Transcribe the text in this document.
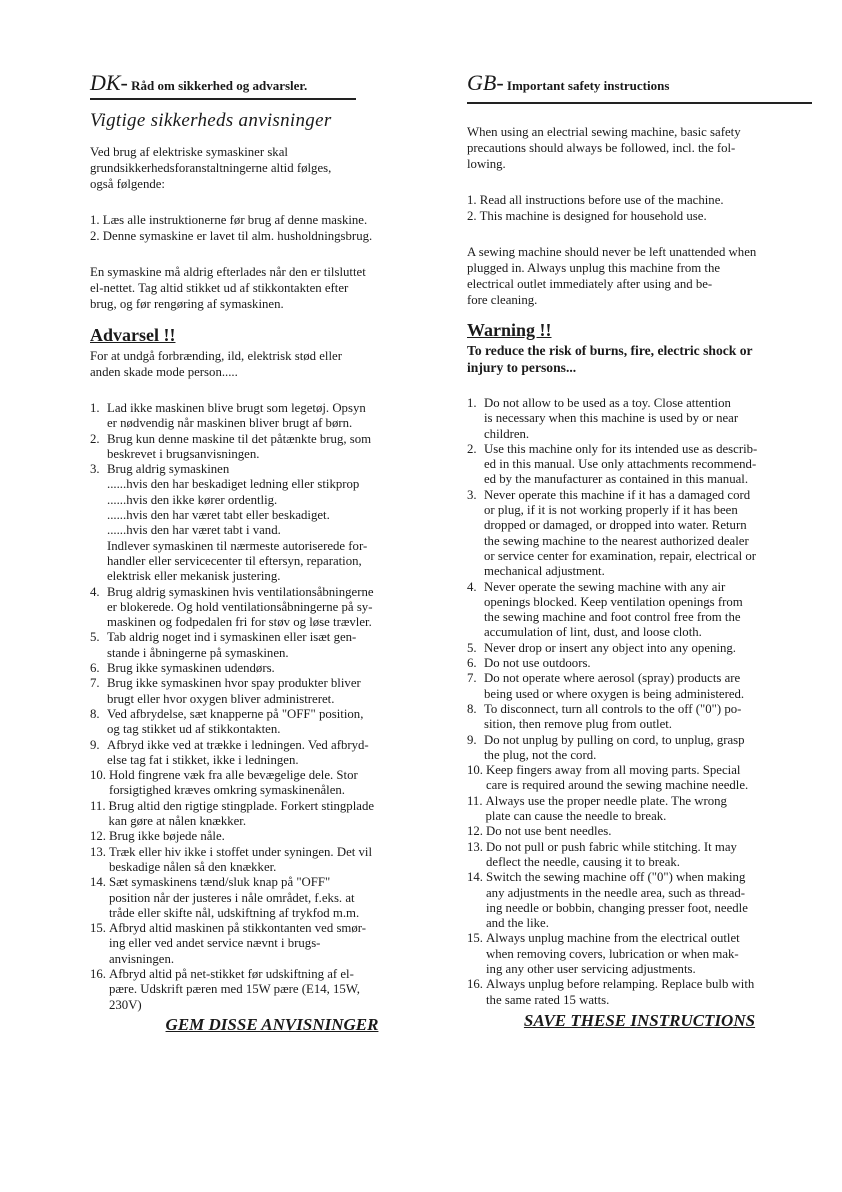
DK- Råd om sikkerhed og advarsler.
Vigtige sikkerheds anvisninger

Ved brug af elektriske symaskiner skal
grundsikkerhedsforanstaltningerne altid følges,
også følgende:

1. Læs alle instruktionerne før brug af denne maskine.
2. Denne symaskine er lavet til alm. husholdningsbrug.

En symaskine må aldrig efterlades når den er tilsluttet
el-nettet. Tag altid stikket ud af stikkontakten efter
brug, og før rengøring af symaskinen.

Advarsel !!

For at undgå forbrænding, ild, elektrisk stød eller
anden skade mode person.....

1. Lad ikke maskinen blive brugt som legetøj. Opsyn
er nødvendig når maskinen bliver brugt af børn.
2. Brug kun denne maskine til det påtænkte brug, som
beskrevet i brugsanvisningen.
3. Brug aldrig symaskinen
......hvis den har beskadiget ledning eller stikprop
......hvis den ikke kører ordentlig.
......hvis den har været tabt eller beskadiget.
......hvis den har været tabt i vand.
Indlever symaskinen til nærmeste autoriserede for-
handler eller servicecenter til eftersyn, reparation,
elektrisk eller mekanisk justering.
4. Brug aldrig symaskinen hvis ventilationsåbningerne
er blokerede. Og hold ventilationsåbningerne på sy-
maskinen og fodpedalen fri for støv og løse trævler.
5. Tab aldrig noget ind i symaskinen eller isæt gen-
stande i åbningerne på symaskinen.
6. Brug ikke symaskinen udendørs.
7. Brug ikke symaskinen hvor spay produkter bliver
brugt eller hvor oxygen bliver administreret.
8. Ved afbrydelse, sæt knapperne på "OFF" position,
og tag stikket ud af stikkontakten.
9. Afbryd ikke ved at trække i ledningen. Ved afbryd-
else tag fat i stikket, ikke i ledningen.
10. Hold fingrene væk fra alle bevægelige dele. Stor
forsigtighed kræves omkring symaskinenålen.
11. Brug altid den rigtige stingplade. Forkert stingplade
kan gøre at nålen knækker.
12. Brug ikke bøjede nåle.
13. Træk eller hiv ikke i stoffet under syningen. Det vil
beskadige nålen så den knækker.
14. Sæt symaskinens tænd/sluk knap på "OFF"
position når der justeres i nåle området, f.eks. at
tråde eller skifte nål, udskiftning af trykfod m.m.
15. Afbryd altid maskinen på stikkontanten ved smør-
ing eller ved andet service nævnt i brugs-
anvisningen.
16. Afbryd altid på net-stikket før udskiftning af el-
pære. Udskrift pæren med 15W pære (E14, 15W,
230V)

GEM DISSE ANVISNINGER

GB- Important safety instructions

When using an electrial sewing machine, basic safety
precautions should always be followed, incl. the fol-
lowing.

1. Read all instructions before use of the machine.
2. This machine is designed for household use.

A sewing machine should never be left unattended when
plugged in. Always unplug this machine from the
electrical outlet immediately after using and be-
fore cleaning.

Warning !!

To reduce the risk of burns, fire, electric shock or
injury to persons...

1. Do not allow to be used as a toy. Close attention
is necessary when this machine is used by or near
children.
2. Use this machine only for its intended use as describ-
ed in this manual. Use only attachments recommend-
ed by the manufacturer as contained in this manual.
3. Never operate this machine if it has a damaged cord
or plug, if it is not working properly if it has been
dropped or damaged, or dropped into water. Return
the sewing machine to the nearest authorized dealer
or service center for examination, repair, electrical or
mechanical adjustment.
4. Never operate the sewing machine with any air
openings blocked. Keep ventilation openings from
the sewing machine and foot control free from the
accumulation of lint, dust, and loose cloth.
5. Never drop or insert any object into any opening.
6. Do not use outdoors.
7. Do not operate where aerosol (spray) products are
being used or where oxygen is being administered.
8. To disconnect, turn all controls to the off ("0") po-
sition, then remove plug from outlet.
9. Do not unplug by pulling on cord, to unplug, grasp
the plug, not the cord.
10. Keep fingers away from all moving parts. Special
care is required around the sewing machine needle.
11. Always use the proper needle plate. The wrong
plate can cause the needle to break.
12. Do not use bent needles.
13. Do not pull or push fabric while stitching. It may
deflect the needle, causing it to break.
14. Switch the sewing machine off ("0") when making
any adjustments in the needle area, such as thread-
ing needle or bobbin, changing presser foot, needle
and the like.
15. Always unplug machine from the electrical outlet
when removing covers, lubrication or when mak-
ing any other user servicing adjustments.
16. Always unplug before relamping. Replace bulb with
the same rated 15 watts.

SAVE THESE INSTRUCTIONS
